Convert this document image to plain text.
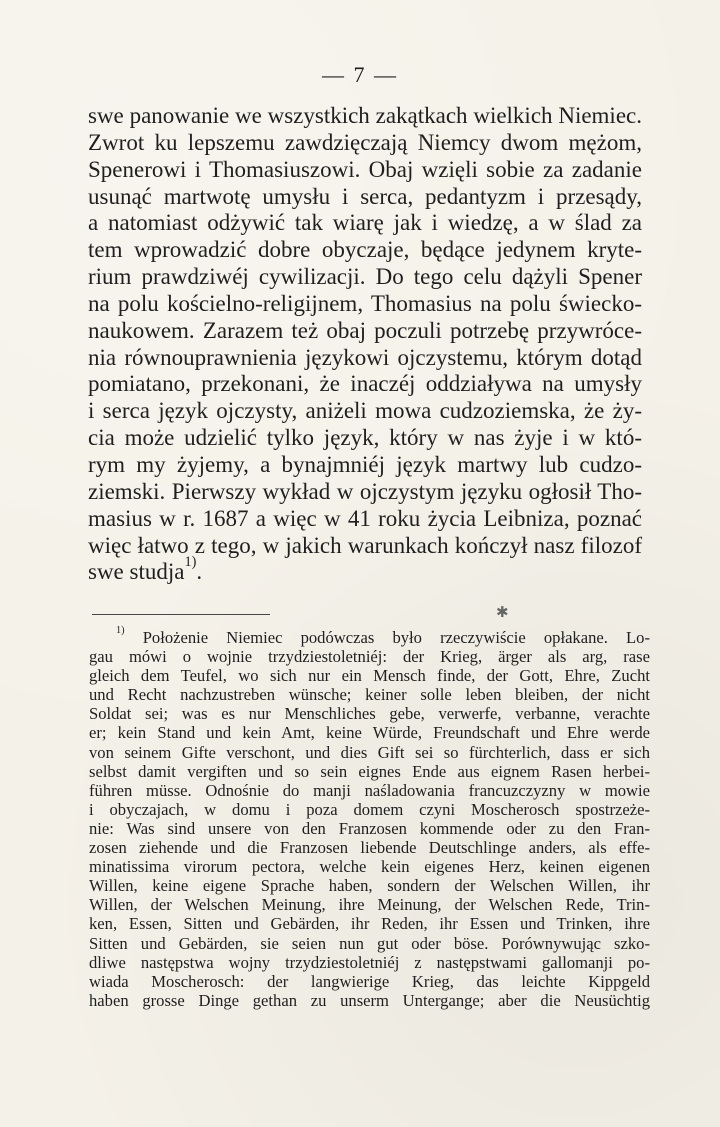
— 7 —
swe panowanie we wszystkich zakątkach wielkich Niemiec.
Zwrot ku lepszemu zawdzięczają Niemcy dwom mężom,
Spenerowi i Thomasiuszowi. Obaj wzięli sobie za zadanie
usunąć martwotę umysłu i serca, pedantyzm i przesądy,
a natomiast odżywić tak wiarę jak i wiedzę, a w ślad za
tem wprowadzić dobre obyczaje, będące jedynem kryte-
rium prawdziwéj cywilizacji. Do tego celu dążyli Spener
na polu kościelno-religijnem, Thomasius na polu świecko-
naukowem. Zarazem też obaj poczuli potrzebę przywróce-
nia równouprawnienia językowi ojczystemu, którym dotąd
pomiatano, przekonani, że inaczéj oddziaływa na umysły
i serca język ojczysty, aniżeli mowa cudzoziemska, że ży-
cia może udzielić tylko język, który w nas żyje i w któ-
rym my żyjemy, a bynajmniéj język martwy lub cudzo-
ziemski. Pierwszy wykład w ojczystym języku ogłosił Tho-
masius w r. 1687 a więc w 41 roku życia Leibniza, poznać
więc łatwo z tego, w jakich warunkach kończył nasz filozof
swe studja$^{1)}$.
✱
$^{1)}$ Położenie Niemiec podówczas było rzeczywiście opłakane. Lo-
gau mówi o wojnie trzydziestoletniéj: der Krieg, ärger als arg, rase
gleich dem Teufel, wo sich nur ein Mensch finde, der Gott, Ehre, Zucht
und Recht nachzustreben wünsche; keiner solle leben bleiben, der nicht
Soldat sei; was es nur Menschliches gebe, verwerfe, verbanne, verachte
er; kein Stand und kein Amt, keine Würde, Freundschaft und Ehre werde
von seinem Gifte verschont, und dies Gift sei so fürchterlich, dass er sich
selbst damit vergiften und so sein eignes Ende aus eignem Rasen herbei-
führen müsse. Odnośnie do manji naśladowania francuzczyzny w mowie
i obyczajach, w domu i poza domem czyni Moscherosch spostrzeże-
nie: Was sind unsere von den Franzosen kommende oder zu den Fran-
zosen ziehende und die Franzosen liebende Deutschlinge anders, als effe-
minatissima virorum pectora, welche kein eigenes Herz, keinen eigenen
Willen, keine eigene Sprache haben, sondern der Welschen Willen, ihr
Willen, der Welschen Meinung, ihre Meinung, der Welschen Rede, Trin-
ken, Essen, Sitten und Gebärden, ihr Reden, ihr Essen und Trinken, ihre
Sitten und Gebärden, sie seien nun gut oder böse. Porównywując szko-
dliwe następstwa wojny trzydziestoletniéj z następstwami gallomanji po-
wiada Moscherosch: der langwierige Krieg, das leichte Kippgeld
haben grosse Dinge gethan zu unserm Untergange; aber die Neusüchtig
